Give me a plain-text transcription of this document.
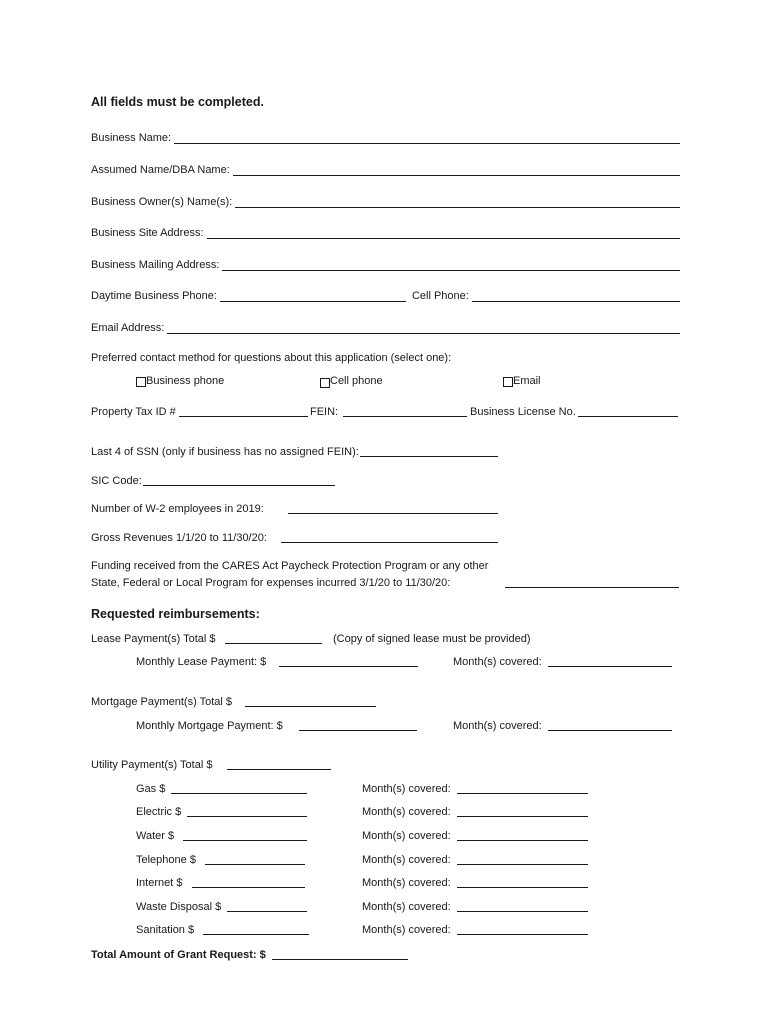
All fields must be completed.
Business Name:
Assumed Name/DBA Name:
Business Owner(s) Name(s):
Business Site Address:
Business Mailing Address:
Daytime Business Phone:	Cell Phone:
Email Address:
Preferred contact method for questions about this application (select one):
Business phone	Cell phone	Email
Property Tax ID #	FEIN:	Business License No.
Last 4 of SSN (only if business has no assigned FEIN):
SIC Code:
Number of W-2 employees in 2019:
Gross Revenues 1/1/20 to 11/30/20:
Funding received from the CARES Act Paycheck Protection Program or any other
State, Federal or Local Program for expenses incurred 3/1/20 to 11/30/20:
Requested reimbursements:
Lease Payment(s) Total $	(Copy of signed lease must be provided)
Monthly Lease Payment: $	Month(s) covered:
Mortgage Payment(s) Total $
Monthly Mortgage Payment: $	Month(s) covered:
Utility Payment(s) Total $
Gas $	Month(s) covered:
Electric $	Month(s) covered:
Water $	Month(s) covered:
Telephone $	Month(s) covered:
Internet $	Month(s) covered:
Waste Disposal $	Month(s) covered:
Sanitation $	Month(s) covered:
Total Amount of Grant Request: $
